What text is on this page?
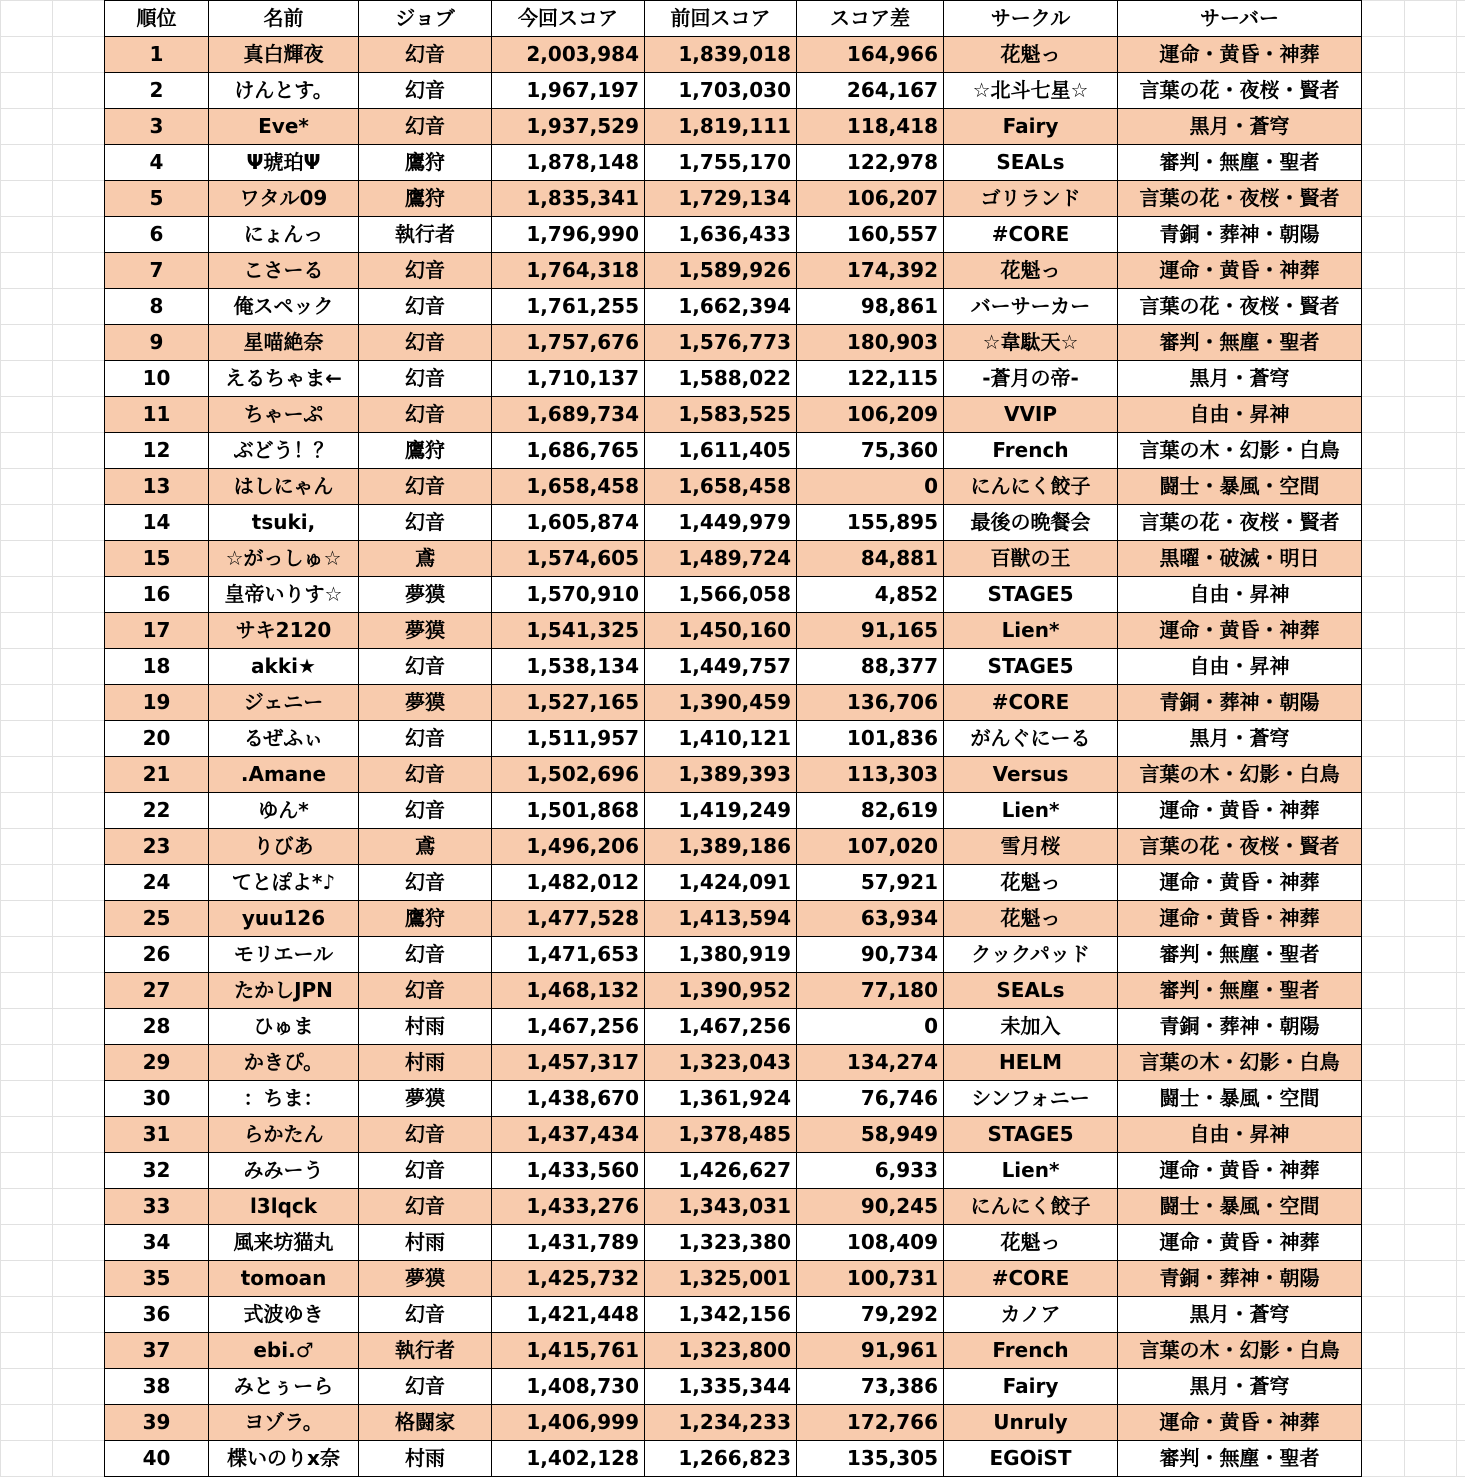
順位	名前	ジョブ	今回スコア	前回スコア	スコア差	サークル	サーバー
1	真白輝夜	幻音	2,003,984	1,839,018	164,966	花魁っ	運命・黄昏・神葬
2	けんとす。	幻音	1,967,197	1,703,030	264,167	☆北斗七星☆	言葉の花・夜桜・賢者
3	Eve*	幻音	1,937,529	1,819,111	118,418	Fairy	黒月・蒼穹
4	Ψ琥珀Ψ	鷹狩	1,878,148	1,755,170	122,978	SEALs	審判・無塵・聖者
5	ワタル09	鷹狩	1,835,341	1,729,134	106,207	ゴリランド	言葉の花・夜桜・賢者
6	にょんっ	執行者	1,796,990	1,636,433	160,557	#CORE	青銅・葬神・朝陽
7	こさーる	幻音	1,764,318	1,589,926	174,392	花魁っ	運命・黄昏・神葬
8	俺スペック	幻音	1,761,255	1,662,394	98,861	バーサーカー	言葉の花・夜桜・賢者
9	星喵絶奈	幻音	1,757,676	1,576,773	180,903	☆韋駄天☆	審判・無塵・聖者
10	えるちゃま←	幻音	1,710,137	1,588,022	122,115	-蒼月の帝-	黒月・蒼穹
11	ちゃーぷ	幻音	1,689,734	1,583,525	106,209	VVIP	自由・昇神
12	ぶどう！？	鷹狩	1,686,765	1,611,405	75,360	French	言葉の木・幻影・白鳥
13	はしにゃん	幻音	1,658,458	1,658,458	0	にんにく餃子	闘士・暴風・空間
14	tsuki,	幻音	1,605,874	1,449,979	155,895	最後の晩餐会	言葉の花・夜桜・賢者
15	☆がっしゅ☆	鳶	1,574,605	1,489,724	84,881	百獣の王	黒曜・破滅・明日
16	皇帝いりす☆	夢獏	1,570,910	1,566,058	4,852	STAGE5	自由・昇神
17	サキ2120	夢獏	1,541,325	1,450,160	91,165	Lien*	運命・黄昏・神葬
18	akki★	幻音	1,538,134	1,449,757	88,377	STAGE5	自由・昇神
19	ジェニー	夢獏	1,527,165	1,390,459	136,706	#CORE	青銅・葬神・朝陽
20	るぜふぃ	幻音	1,511,957	1,410,121	101,836	がんぐにーる	黒月・蒼穹
21	.Amane	幻音	1,502,696	1,389,393	113,303	Versus	言葉の木・幻影・白鳥
22	ゆん*	幻音	1,501,868	1,419,249	82,619	Lien*	運命・黄昏・神葬
23	りびあ	鳶	1,496,206	1,389,186	107,020	雪月桜	言葉の花・夜桜・賢者
24	てとぽよ*♪	幻音	1,482,012	1,424,091	57,921	花魁っ	運命・黄昏・神葬
25	yuu126	鷹狩	1,477,528	1,413,594	63,934	花魁っ	運命・黄昏・神葬
26	モリエール	幻音	1,471,653	1,380,919	90,734	クックパッド	審判・無塵・聖者
27	たかしJPN	幻音	1,468,132	1,390,952	77,180	SEALs	審判・無塵・聖者
28	ひゅま	村雨	1,467,256	1,467,256	0	未加入	青銅・葬神・朝陽
29	かきぴ。	村雨	1,457,317	1,323,043	134,274	HELM	言葉の木・幻影・白鳥
30	：ちま：	夢獏	1,438,670	1,361,924	76,746	シンフォニー	闘士・暴風・空間
31	らかたん	幻音	1,437,434	1,378,485	58,949	STAGE5	自由・昇神
32	みみーう	幻音	1,433,560	1,426,627	6,933	Lien*	運命・黄昏・神葬
33	l3lqck	幻音	1,433,276	1,343,031	90,245	にんにく餃子	闘士・暴風・空間
34	風来坊猫丸	村雨	1,431,789	1,323,380	108,409	花魁っ	運命・黄昏・神葬
35	tomoan	夢獏	1,425,732	1,325,001	100,731	#CORE	青銅・葬神・朝陽
36	式波ゆき	幻音	1,421,448	1,342,156	79,292	カノア	黒月・蒼穹
37	ebi.♂	執行者	1,415,761	1,323,800	91,961	French	言葉の木・幻影・白鳥
38	みとぅーら	幻音	1,408,730	1,335,344	73,386	Fairy	黒月・蒼穹
39	ヨゾラ。	格闘家	1,406,999	1,234,233	172,766	Unruly	運命・黄昏・神葬
40	楪いのりx奈	村雨	1,402,128	1,266,823	135,305	EGOiST	審判・無塵・聖者
